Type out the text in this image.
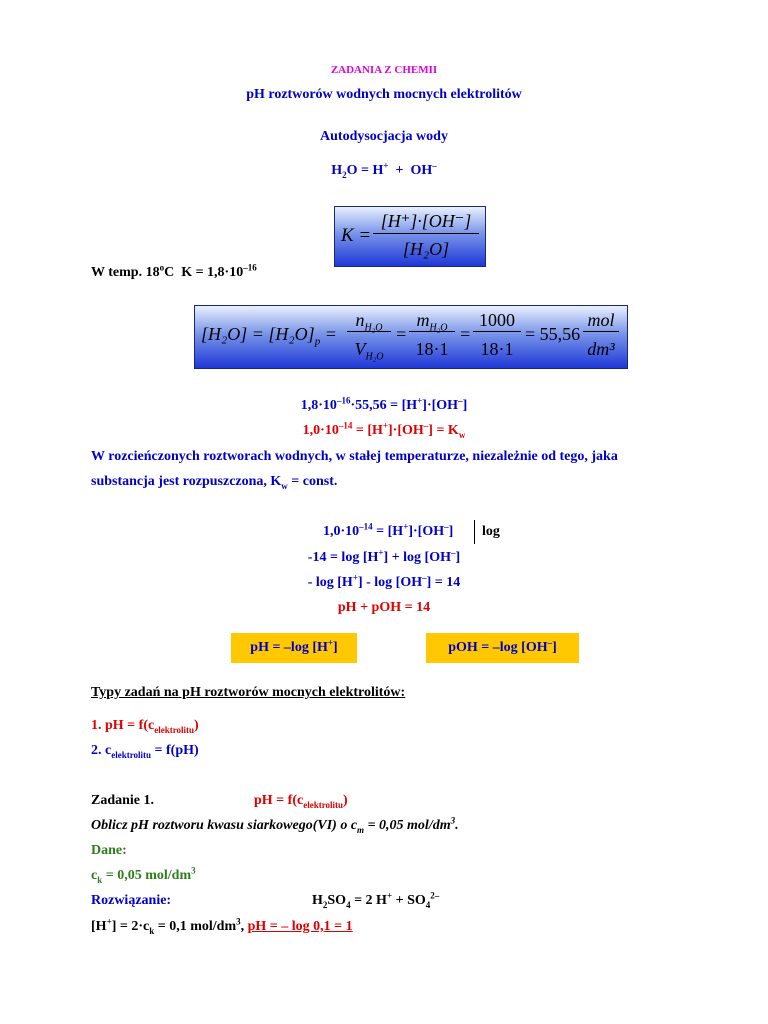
ZADANIA Z CHEMII
pH roztworów wodnych mocnych elektrolitów
Autodysocjacja wody
$H_2O = H^+ + OH^-$
K =
[H⁺]·[OH⁻]
[H₂O]
W temp. 18$^o$C  $K = 1,8\cdot 10^{-16}$
$[H_2O] = [H_2O]_p$ =
$n_{H_2O}$
$V_{H_2O}$
=
$m_{H_2O}$
18·1
=
1000
18·1
= 55,56
mol
dm³
$1,8\cdot 10^{-16}\cdot 55,56 = [H^+]\cdot[OH^-]$
$1,0\cdot 10^{-14} = [H^+]\cdot[OH^-] = K_w$
W rozcieńczonych roztworach wodnych, w stałej temperaturze, niezależnie od tego, jaka
substancja jest rozpuszczona, $K_w$ = const.
$1,0\cdot 10^{-14} = [H^+]\cdot[OH^-]$ log
-14 = log [H+] + log [OH–]
- log [H+] - log [OH–] = 14
pH + pOH = 14
pH = –log [H+]	pOH = –log [OH–]
Typy zadań na pH roztworów mocnych elektrolitów:
1. pH = $f(c_{elektrolitu})$
2. $c_{elektrolitu} = f(pH)$
Zadanie 1.	pH = $f(c_{elektrolitu})$
Oblicz pH roztworu kwasu siarkowego(VI) o $c_m = 0,05$ mol/$dm^3$.
Dane:
$c_k = 0,05$ mol/$dm^3$
Rozwiązanie:	$H_2SO_4 = 2$ $H^+ + SO_4^{2-}$
$[H^+] = 2\cdot c_k = 0,1$ mol/$dm^3$, pH = – log 0,1 = 1
